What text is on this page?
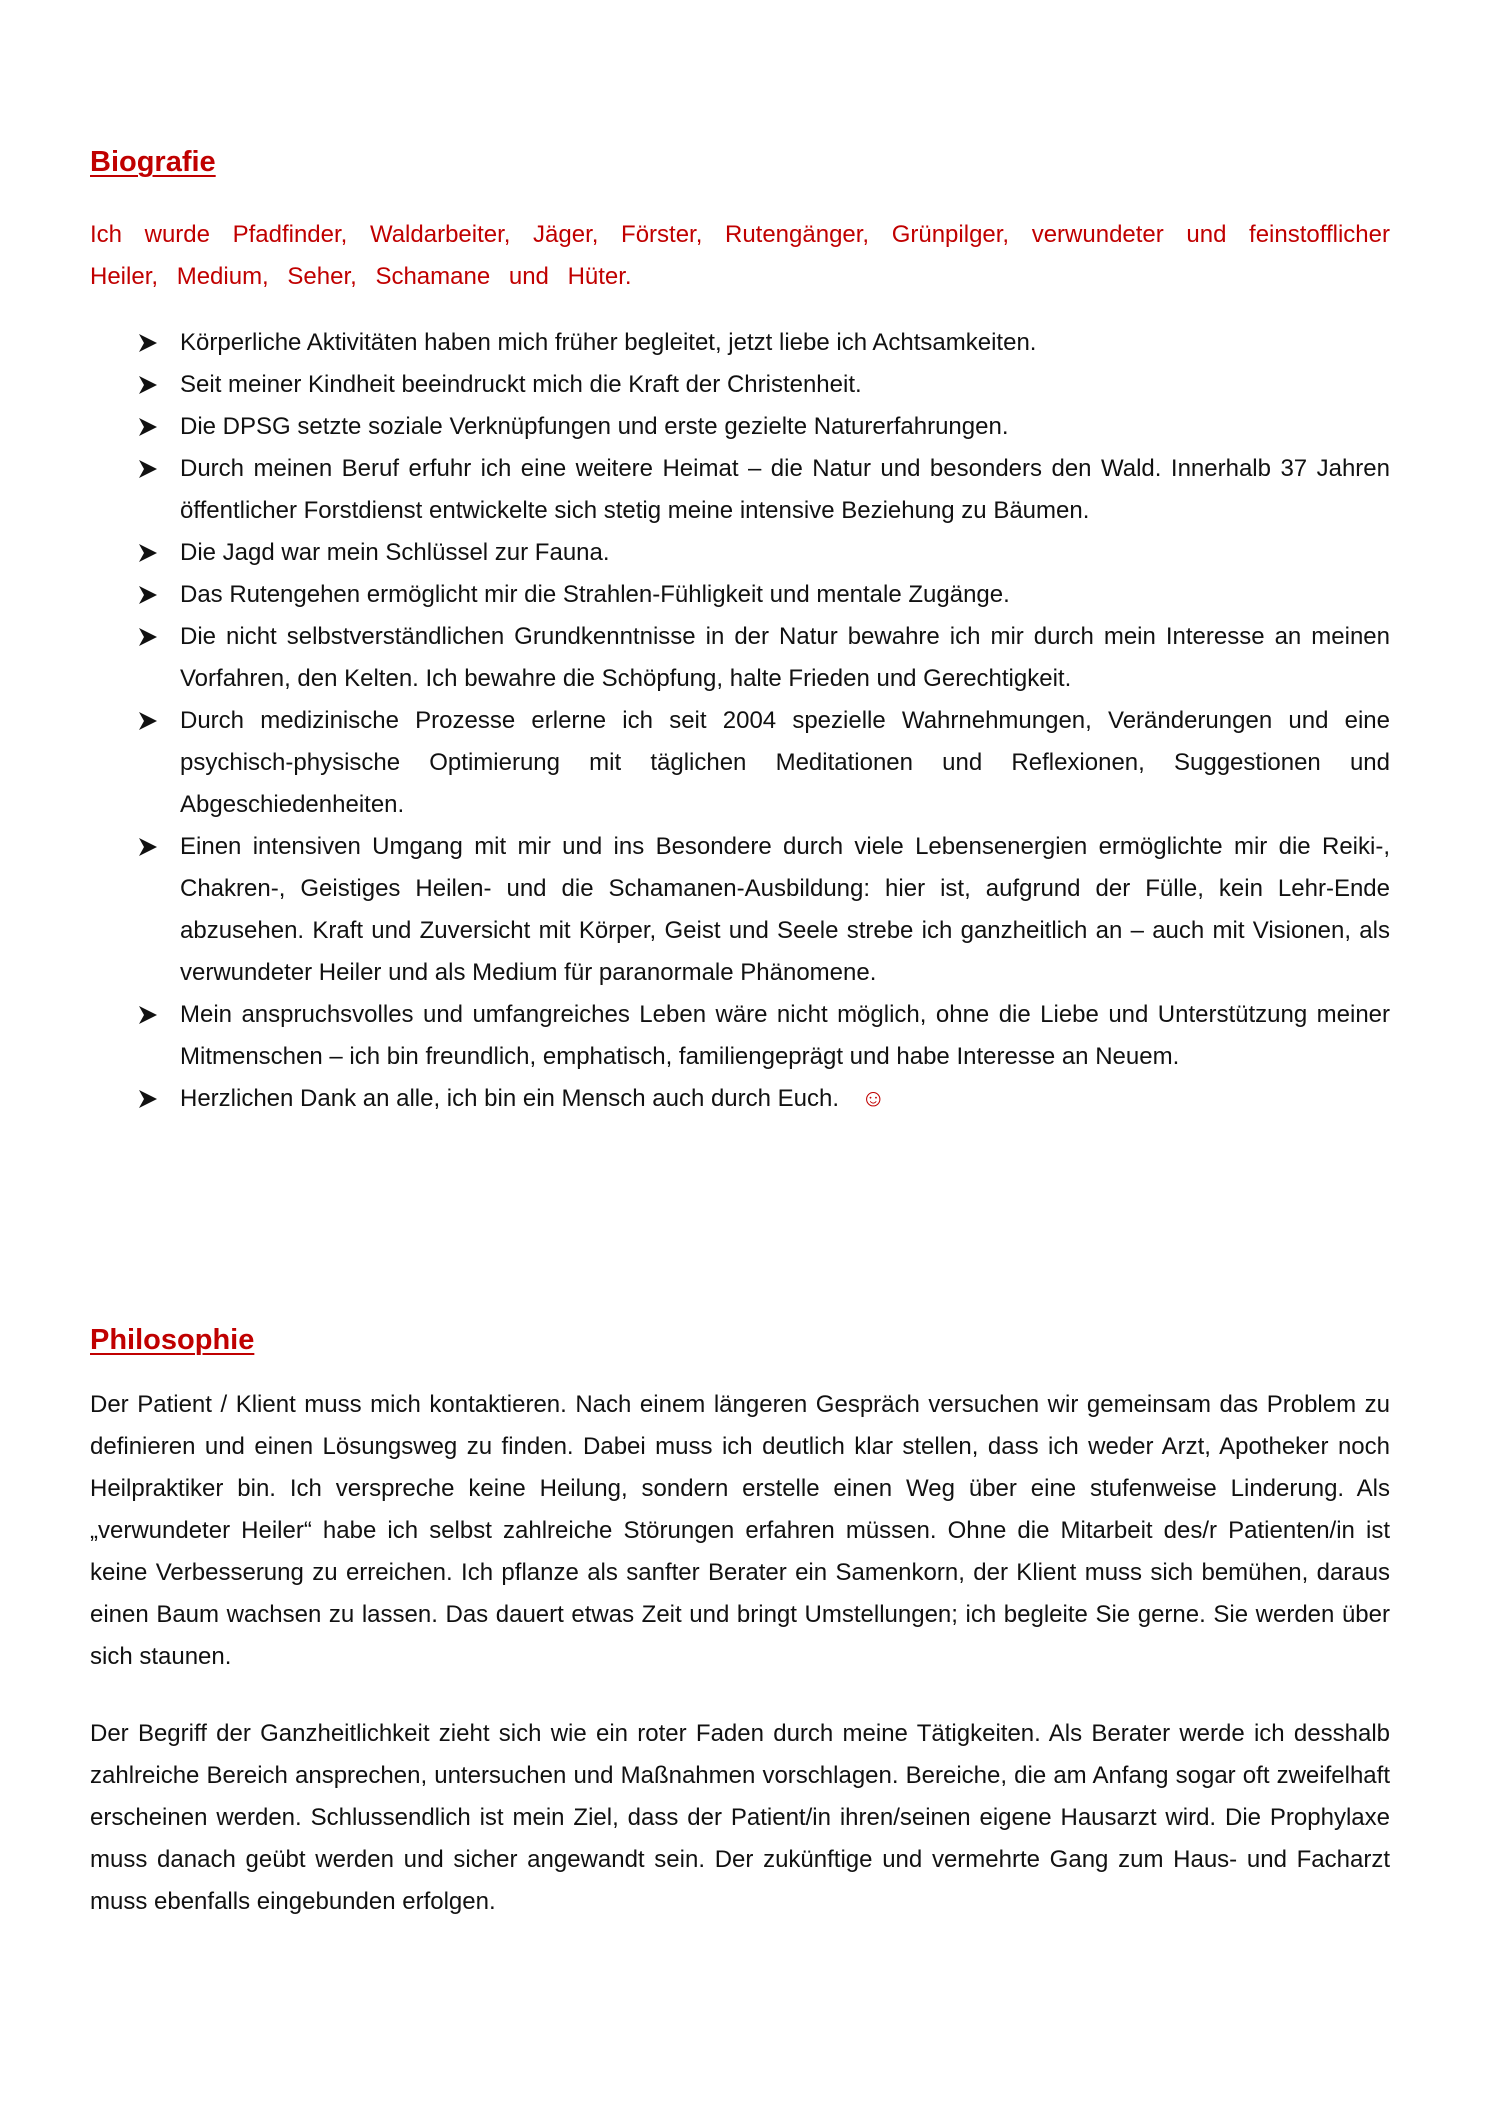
Biografie
Ich wurde Pfadfinder, Waldarbeiter, Jäger, Förster, Rutengänger, Grünpilger, verwundeter und feinstofflicher Heiler, Medium, Seher, Schamane und Hüter.
Körperliche Aktivitäten haben mich früher begleitet, jetzt liebe ich Achtsamkeiten.
Seit meiner Kindheit beeindruckt mich die Kraft der Christenheit.
Die DPSG setzte soziale Verknüpfungen und erste gezielte Naturerfahrungen.
Durch meinen Beruf erfuhr ich eine weitere Heimat – die Natur und besonders den Wald. Innerhalb 37 Jahren öffentlicher Forstdienst entwickelte sich stetig meine intensive Beziehung zu Bäumen.
Die Jagd war mein Schlüssel zur Fauna.
Das Rutengehen ermöglicht mir die Strahlen-Fühligkeit und mentale Zugänge.
Die nicht selbstverständlichen Grundkenntnisse in der Natur bewahre ich mir durch mein Interesse an meinen Vorfahren, den Kelten. Ich bewahre die Schöpfung, halte Frieden und Gerechtigkeit.
Durch medizinische Prozesse erlerne ich seit 2004 spezielle Wahrnehmungen, Veränderungen und eine psychisch-physische Optimierung mit täglichen Meditationen und Reflexionen, Suggestionen und Abgeschiedenheiten.
Einen intensiven Umgang mit mir und ins Besondere durch viele Lebensenergien ermöglichte mir die Reiki-, Chakren-, Geistiges Heilen- und die Schamanen-Ausbildung: hier ist, aufgrund der Fülle, kein Lehr-Ende abzusehen. Kraft und Zuversicht mit Körper, Geist und Seele strebe ich ganzheitlich an – auch mit Visionen, als verwundeter Heiler und als Medium für paranormale Phänomene.
Mein anspruchsvolles und umfangreiches Leben wäre nicht möglich, ohne die Liebe und Unterstützung meiner Mitmenschen – ich bin freundlich, emphatisch, familiengeprägt und habe Interesse an Neuem.
Herzlichen Dank an alle, ich bin ein Mensch auch durch Euch. ☺
Philosophie
Der Patient / Klient muss mich kontaktieren. Nach einem längeren Gespräch versuchen wir gemeinsam das Problem zu definieren und einen Lösungsweg zu finden. Dabei muss ich deutlich klar stellen, dass ich weder Arzt, Apotheker noch Heilpraktiker bin. Ich verspreche keine Heilung, sondern erstelle einen Weg über eine stufenweise Linderung. Als „verwundeter Heiler“ habe ich selbst zahlreiche Störungen erfahren müssen. Ohne die Mitarbeit des/r Patienten/in ist keine Verbesserung zu erreichen. Ich pflanze als sanfter Berater ein Samenkorn, der Klient muss sich bemühen, daraus einen Baum wachsen zu lassen. Das dauert etwas Zeit und bringt Umstellungen; ich begleite Sie gerne. Sie werden über sich staunen.
Der Begriff der Ganzheitlichkeit zieht sich wie ein roter Faden durch meine Tätigkeiten. Als Berater werde ich desshalb zahlreiche Bereich ansprechen, untersuchen und Maßnahmen vorschlagen. Bereiche, die am Anfang sogar oft zweifelhaft erscheinen werden. Schlussendlich ist mein Ziel, dass der Patient/in ihren/seinen eigene Hausarzt wird. Die Prophylaxe muss danach geübt werden und sicher angewandt sein. Der zukünftige und vermehrte Gang zum Haus- und Facharzt muss ebenfalls eingebunden erfolgen.
